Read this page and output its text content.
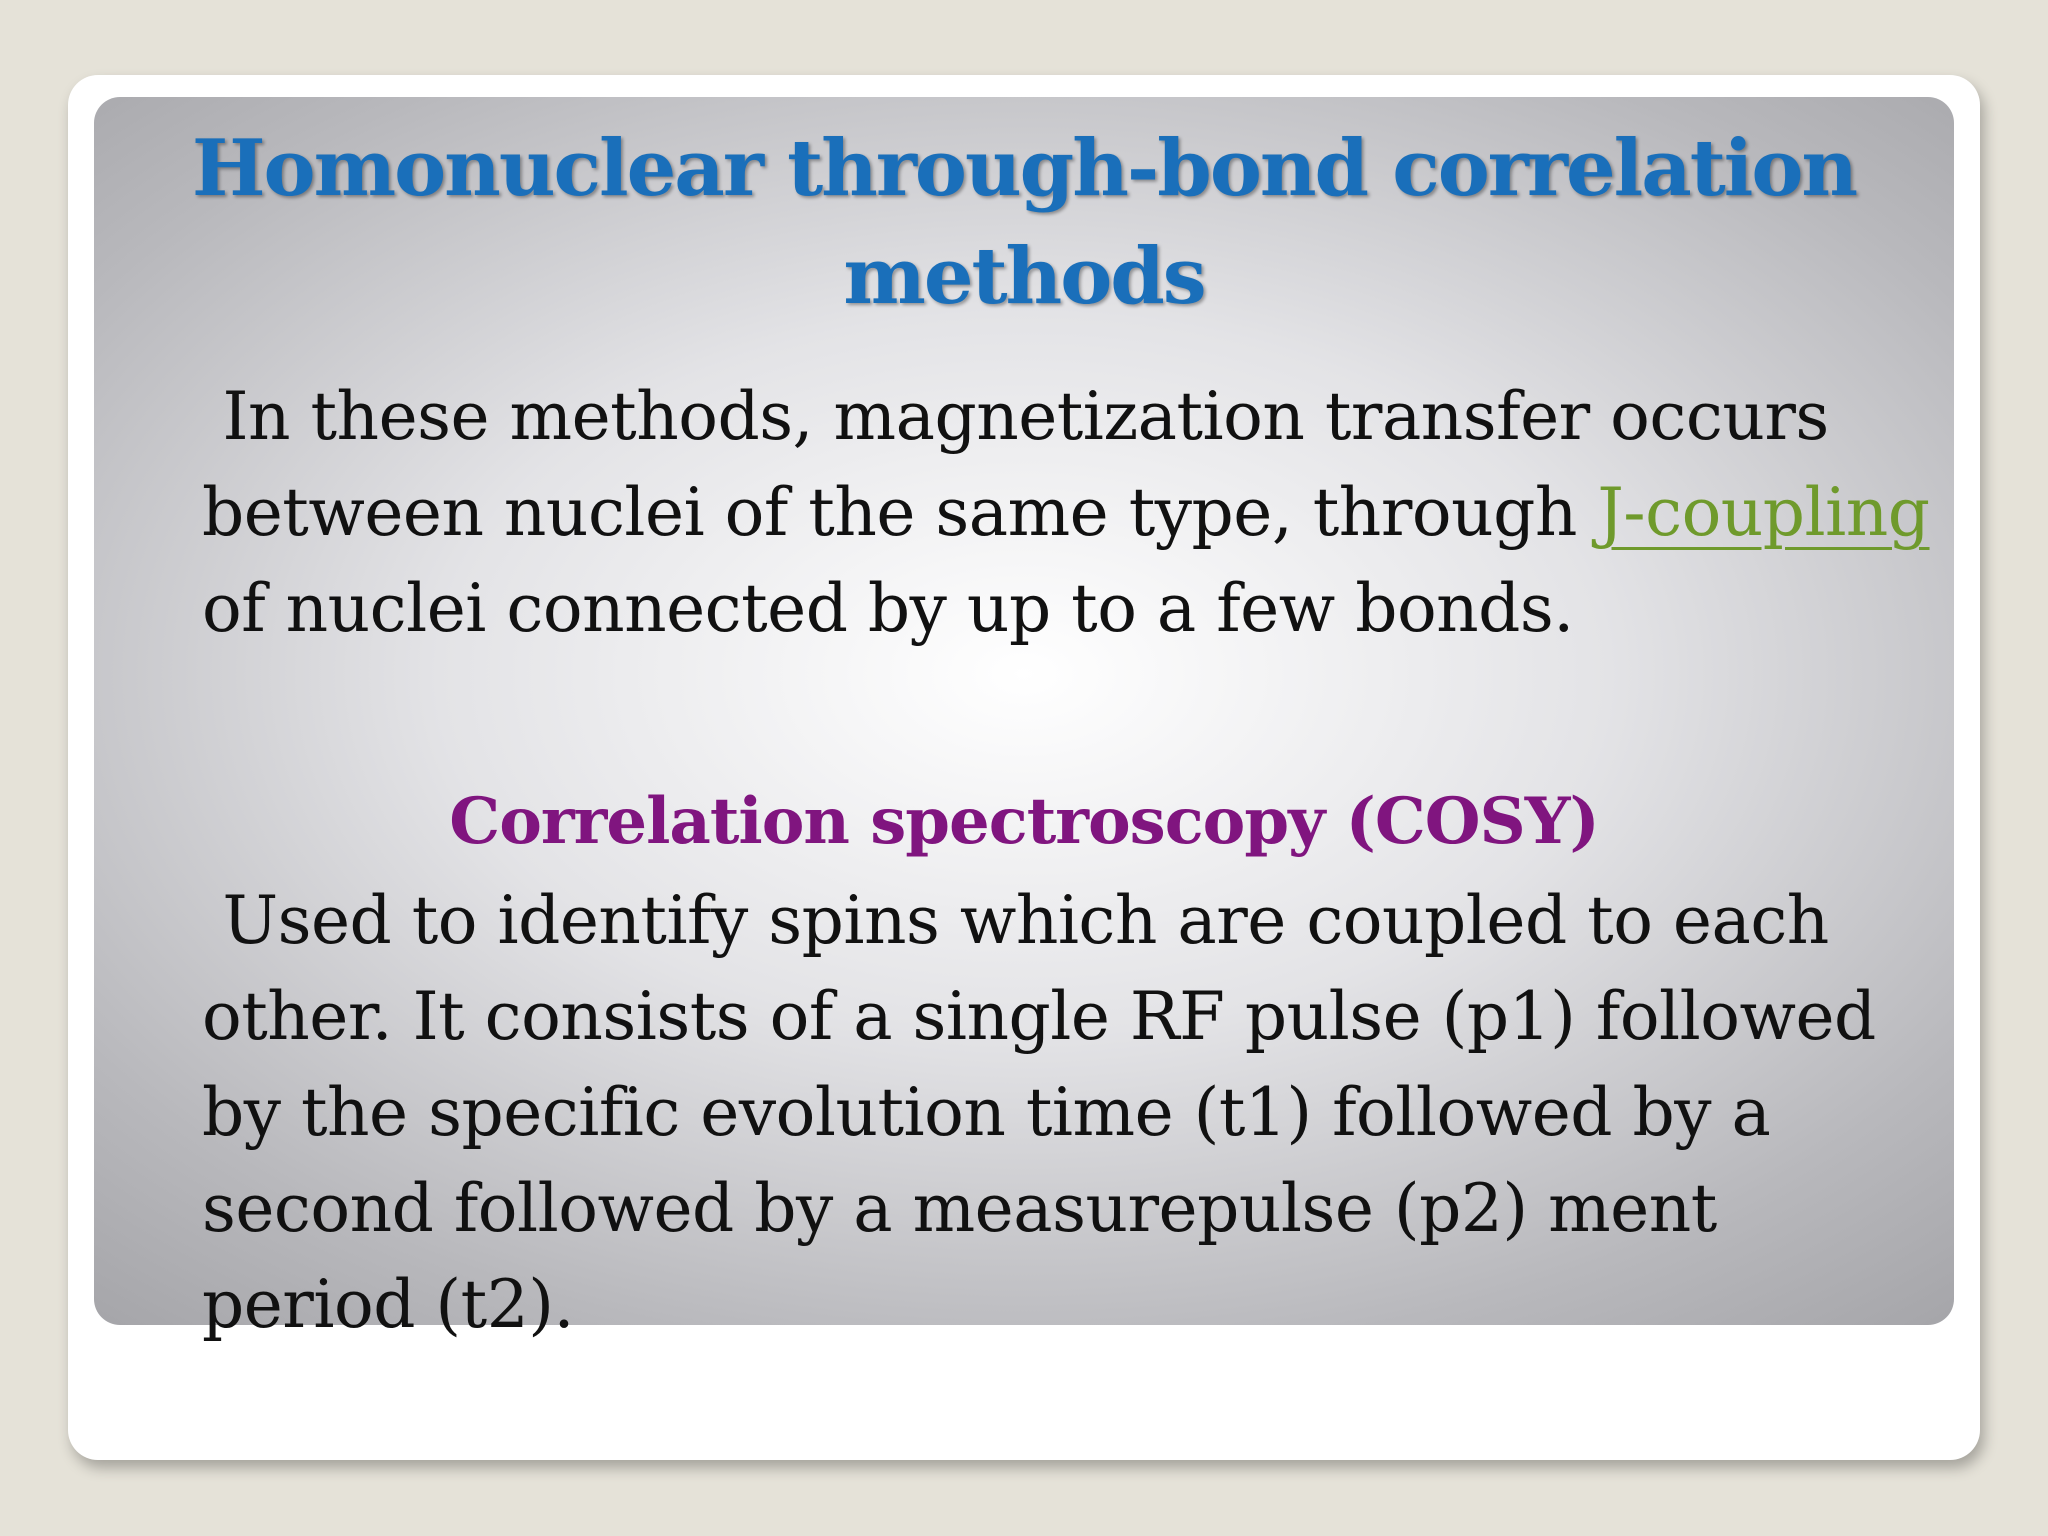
Homonuclear through-bond correlation methods

In these methods, magnetization transfer occurs between nuclei of the same type, through J-coupling of nuclei connected by up to a few bonds.

Correlation spectroscopy (COSY)

Used to identify spins which are coupled to each other. It consists of a single RF pulse (p1) followed by the specific evolution time (t1) followed by a second followed by a measurepulse (p2) ment period (t2).
